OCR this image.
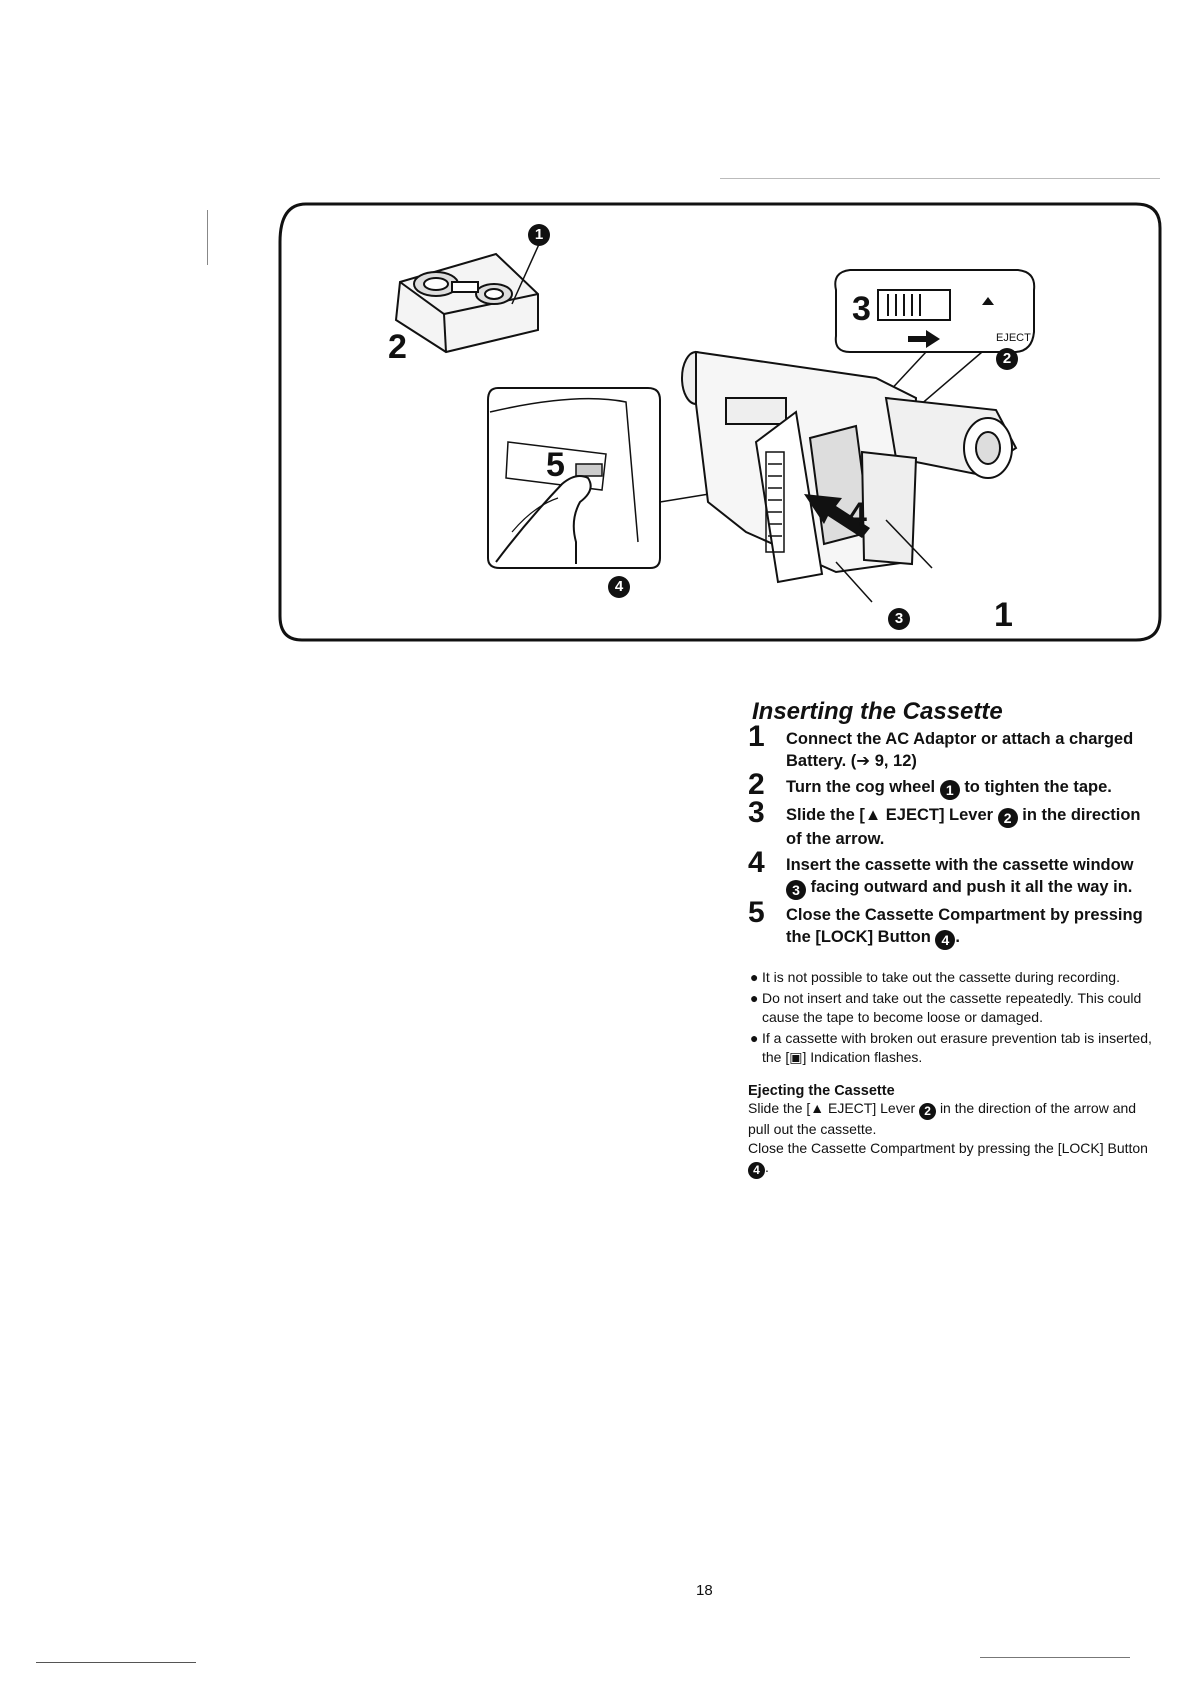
2
3
5
4
1
EJECT
1
2
4
3
Inserting the Cassette
1 Connect the AC Adaptor or attach a charged Battery. (➔ 9, 12)
2 Turn the cog wheel 1 to tighten the tape.
3 Slide the [▲ EJECT] Lever 2 in the direction of the arrow.
4 Insert the cassette with the cassette window 3 facing outward and push it all the way in.
5 Close the Cassette Compartment by pressing the [LOCK] Button 4 .
● It is not possible to take out the cassette during recording.
● Do not insert and take out the cassette repeatedly. This could cause the tape to become loose or damaged.
● If a cassette with broken out erasure prevention tab is inserted, the [▣] Indication flashes.
Ejecting the Cassette
Slide the [▲ EJECT] Lever 2 in the direction of the arrow and pull out the cassette.
Close the Cassette Compartment by pressing the [LOCK] Button 4 .
18
